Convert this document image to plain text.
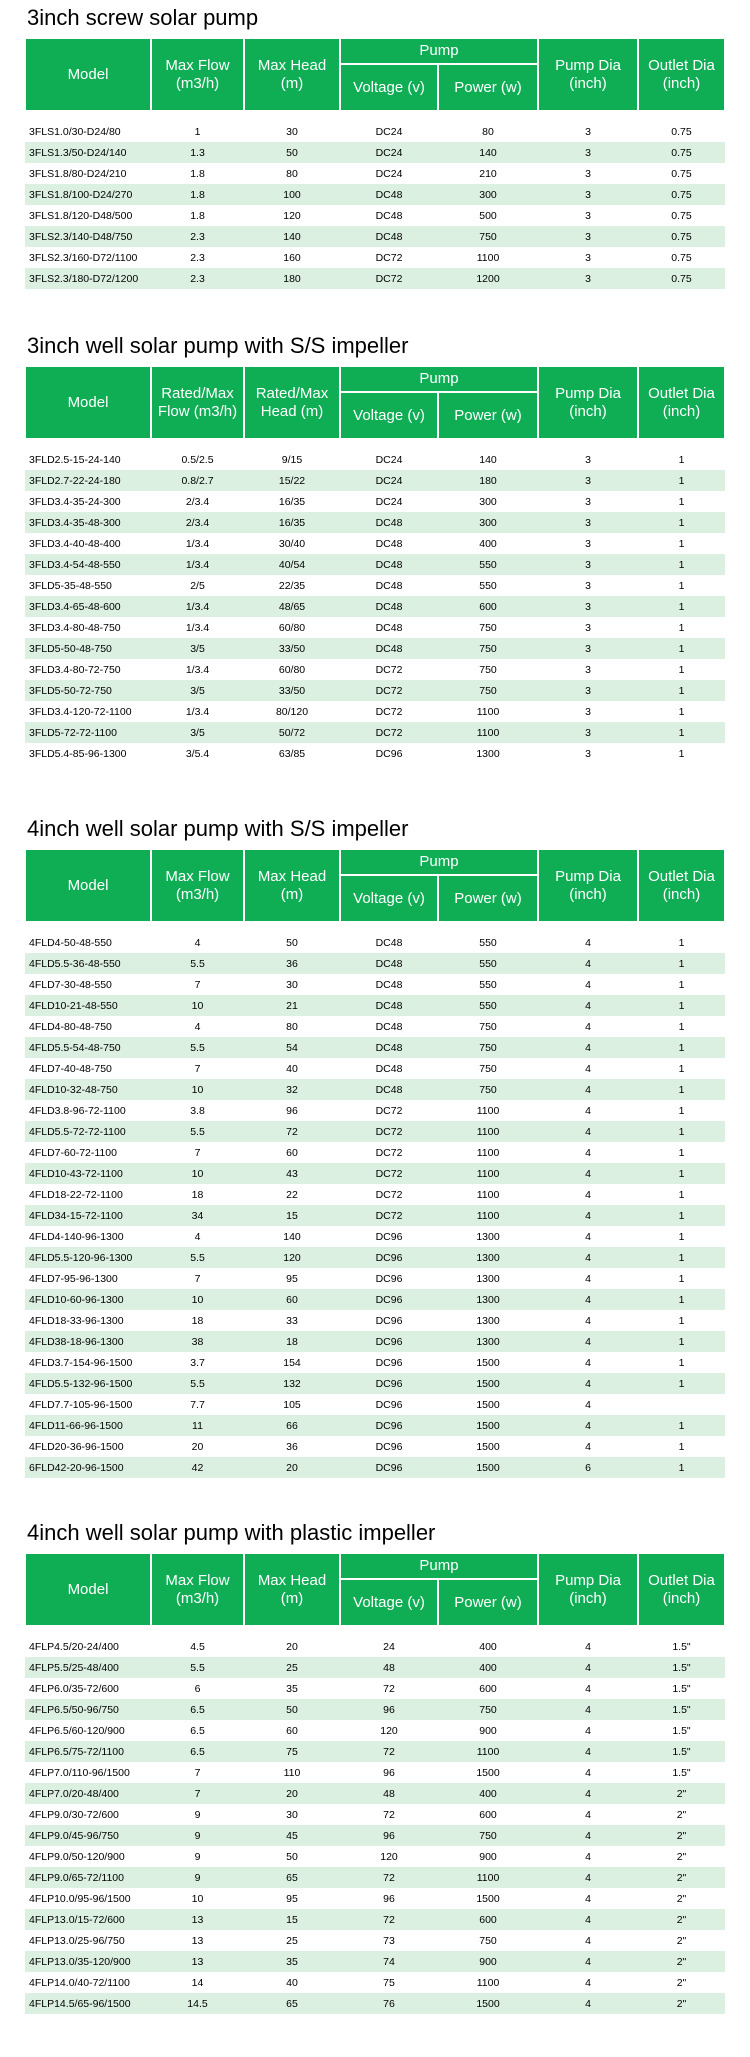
3inch screw solar pump
Model	Max Flow (m3/h)	Max Head (m)	Pump		Pump Dia (inch)	Outlet Dia (inch)
			Voltage (v)	Power (w)		

3FLS1.0/30-D24/80	1	30	DC24	80	3	0.75
3FLS1.3/50-D24/140	1.3	50	DC24	140	3	0.75
3FLS1.8/80-D24/210	1.8	80	DC24	210	3	0.75
3FLS1.8/100-D24/270	1.8	100	DC48	300	3	0.75
3FLS1.8/120-D48/500	1.8	120	DC48	500	3	0.75
3FLS2.3/140-D48/750	2.3	140	DC48	750	3	0.75
3FLS2.3/160-D72/1100	2.3	160	DC72	1100	3	0.75
3FLS2.3/180-D72/1200	2.3	180	DC72	1200	3	0.75
3inch well solar pump with S/S impeller
Model	Rated/Max Flow (m3/h)	Rated/Max Head (m)	Pump		Pump Dia (inch)	Outlet Dia (inch)
			Voltage (v)	Power (w)		

3FLD2.5-15-24-140	0.5/2.5	9/15	DC24	140	3	1
3FLD2.7-22-24-180	0.8/2.7	15/22	DC24	180	3	1
3FLD3.4-35-24-300	2/3.4	16/35	DC24	300	3	1
3FLD3.4-35-48-300	2/3.4	16/35	DC48	300	3	1
3FLD3.4-40-48-400	1/3.4	30/40	DC48	400	3	1
3FLD3.4-54-48-550	1/3.4	40/54	DC48	550	3	1
3FLD5-35-48-550	2/5	22/35	DC48	550	3	1
3FLD3.4-65-48-600	1/3.4	48/65	DC48	600	3	1
3FLD3.4-80-48-750	1/3.4	60/80	DC48	750	3	1
3FLD5-50-48-750	3/5	33/50	DC48	750	3	1
3FLD3.4-80-72-750	1/3.4	60/80	DC72	750	3	1
3FLD5-50-72-750	3/5	33/50	DC72	750	3	1
3FLD3.4-120-72-1100	1/3.4	80/120	DC72	1100	3	1
3FLD5-72-72-1100	3/5	50/72	DC72	1100	3	1
3FLD5.4-85-96-1300	3/5.4	63/85	DC96	1300	3	1
4inch well solar pump with S/S impeller
Model	Max Flow (m3/h)	Max Head (m)	Pump		Pump Dia (inch)	Outlet Dia (inch)
			Voltage (v)	Power (w)		

4FLD4-50-48-550	4	50	DC48	550	4	1
4FLD5.5-36-48-550	5.5	36	DC48	550	4	1
4FLD7-30-48-550	7	30	DC48	550	4	1
4FLD10-21-48-550	10	21	DC48	550	4	1
4FLD4-80-48-750	4	80	DC48	750	4	1
4FLD5.5-54-48-750	5.5	54	DC48	750	4	1
4FLD7-40-48-750	7	40	DC48	750	4	1
4FLD10-32-48-750	10	32	DC48	750	4	1
4FLD3.8-96-72-1100	3.8	96	DC72	1100	4	1
4FLD5.5-72-72-1100	5.5	72	DC72	1100	4	1
4FLD7-60-72-1100	7	60	DC72	1100	4	1
4FLD10-43-72-1100	10	43	DC72	1100	4	1
4FLD18-22-72-1100	18	22	DC72	1100	4	1
4FLD34-15-72-1100	34	15	DC72	1100	4	1
4FLD4-140-96-1300	4	140	DC96	1300	4	1
4FLD5.5-120-96-1300	5.5	120	DC96	1300	4	1
4FLD7-95-96-1300	7	95	DC96	1300	4	1
4FLD10-60-96-1300	10	60	DC96	1300	4	1
4FLD18-33-96-1300	18	33	DC96	1300	4	1
4FLD38-18-96-1300	38	18	DC96	1300	4	1
4FLD3.7-154-96-1500	3.7	154	DC96	1500	4	1
4FLD5.5-132-96-1500	5.5	132	DC96	1500	4	1
4FLD7.7-105-96-1500	7.7	105	DC96	1500	4	
4FLD11-66-96-1500	11	66	DC96	1500	4	1
4FLD20-36-96-1500	20	36	DC96	1500	4	1
6FLD42-20-96-1500	42	20	DC96	1500	6	1
4inch well solar pump with plastic impeller
Model	Max Flow (m3/h)	Max Head (m)	Pump		Pump Dia (inch)	Outlet Dia (inch)
			Voltage (v)	Power (w)		

4FLP4.5/20-24/400	4.5	20	24	400	4	1.5"
4FLP5.5/25-48/400	5.5	25	48	400	4	1.5"
4FLP6.0/35-72/600	6	35	72	600	4	1.5"
4FLP6.5/50-96/750	6.5	50	96	750	4	1.5"
4FLP6.5/60-120/900	6.5	60	120	900	4	1.5"
4FLP6.5/75-72/1100	6.5	75	72	1100	4	1.5"
4FLP7.0/110-96/1500	7	110	96	1500	4	1.5"
4FLP7.0/20-48/400	7	20	48	400	4	2"
4FLP9.0/30-72/600	9	30	72	600	4	2"
4FLP9.0/45-96/750	9	45	96	750	4	2"
4FLP9.0/50-120/900	9	50	120	900	4	2"
4FLP9.0/65-72/1100	9	65	72	1100	4	2"
4FLP10.0/95-96/1500	10	95	96	1500	4	2"
4FLP13.0/15-72/600	13	15	72	600	4	2"
4FLP13.0/25-96/750	13	25	73	750	4	2"
4FLP13.0/35-120/900	13	35	74	900	4	2"
4FLP14.0/40-72/1100	14	40	75	1100	4	2"
4FLP14.5/65-96/1500	14.5	65	76	1500	4	2"
